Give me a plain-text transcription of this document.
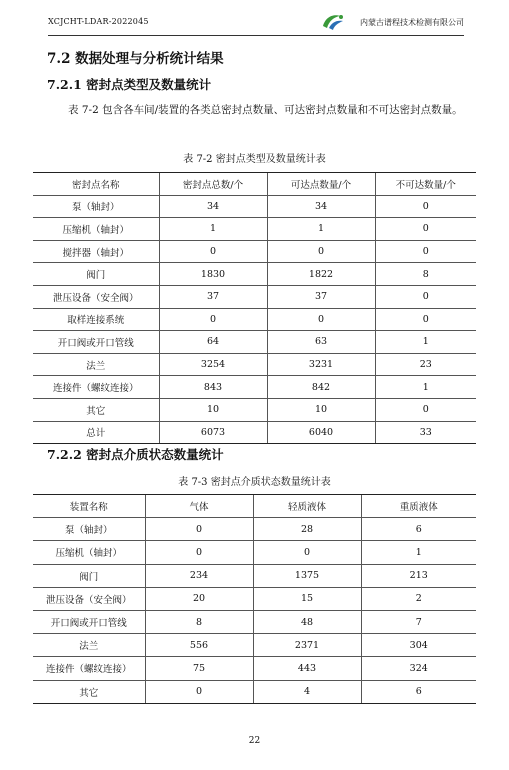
XCJCHT-LDAR-2022045	内蒙古谱程技术检测有限公司
7.2 数据处理与分析统计结果
7.2.1 密封点类型及数量统计

表 7-2 包含各车间/装置的各类总密封点数量、可达密封点数量和不可达密封点数量。

表 7-2 密封点类型及数量统计表
密封点名称	密封点总数/个	可达点数量/个	不可达数量/个
泵（轴封）	34	34	0
压缩机（轴封）	1	1	0
搅拌器（轴封）	0	0	0
阀门	1830	1822	8
泄压设备（安全阀）	37	37	0
取样连接系统	0	0	0
开口阀或开口管线	64	63	1
法兰	3254	3231	23
连接件（螺纹连接）	843	842	1
其它	10	10	0
总计	6073	6040	33
7.2.2 密封点介质状态数量统计
表 7-3 密封点介质状态数量统计表
装置名称	气体	轻质液体	重质液体
泵（轴封）	0	28	6
压缩机（轴封）	0	0	1
阀门	234	1375	213
泄压设备（安全阀）	20	15	2
开口阀或开口管线	8	48	7
法兰	556	2371	304
连接件（螺纹连接）	75	443	324
其它	0	4	6
22
